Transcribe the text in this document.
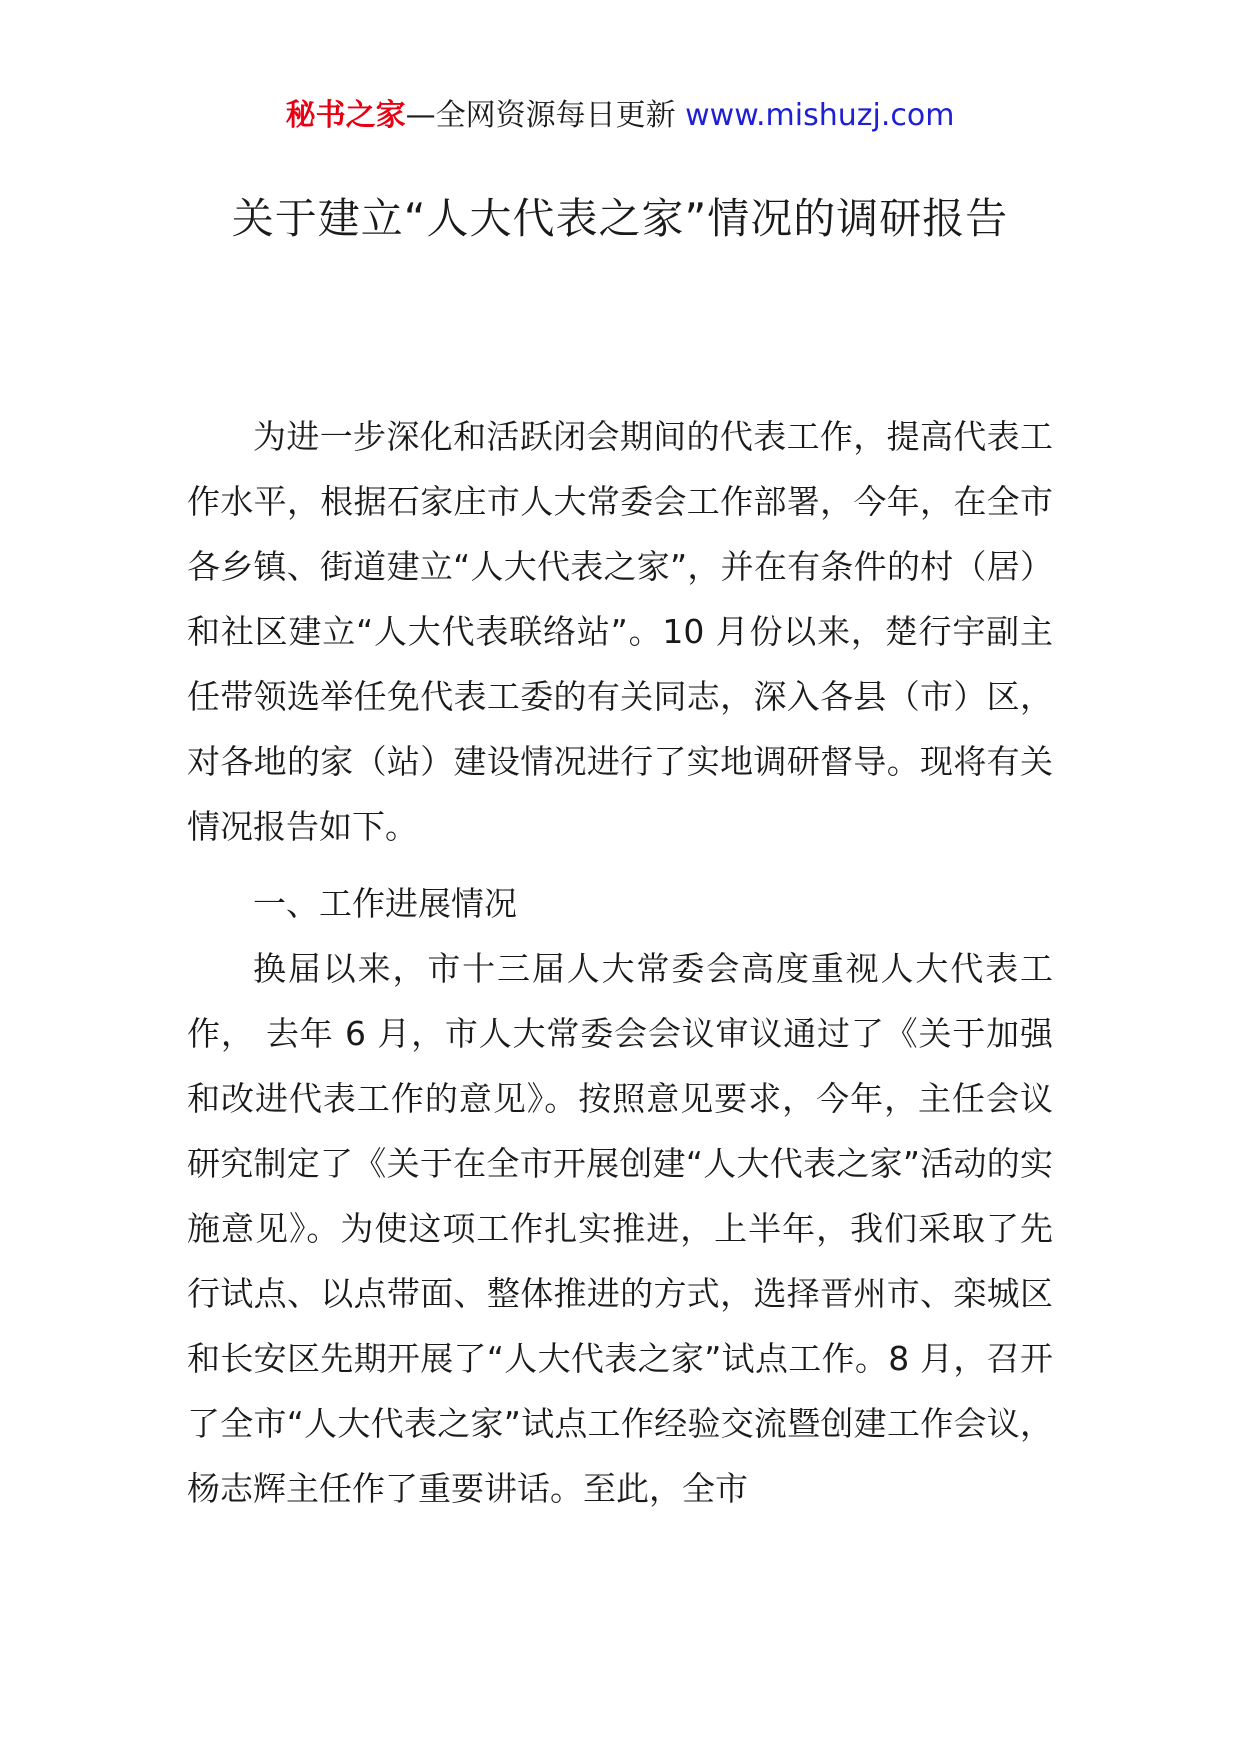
秘书之家—全网资源每日更新 www.mishuzj.com
关于建立“人大代表之家”情况的调研报告

为进一步深化和活跃闭会期间的代表工作，提高代表工作水平，根据石家庄市人大常委会工作部署，今年，在全市各乡镇、街道建立“人大代表之家”，并在有条件的村（居）和社区建立“人大代表联络站”。10 月份以来，楚行宇副主任带领选举任免代表工委的有关同志，深入各县（市）区，对各地的家（站）建设情况进行了实地调研督导。现将有关情况报告如下。

一、工作进展情况

换届以来，市十三届人大常委会高度重视人大代表工作， 去年 6 月，市人大常委会会议审议通过了《关于加强和改进代表工作的意见》。按照意见要求，今年，主任会议研究制定了《关于在全市开展创建“人大代表之家”活动的实施意见》。为使这项工作扎实推进，上半年，我们采取了先行试点、以点带面、整体推进的方式，选择晋州市、栾城区和长安区先期开展了“人大代表之家”试点工作。8 月，召开了全市“人大代表之家”试点工作经验交流暨创建工作会议，杨志辉主任作了重要讲话。至此，全市
